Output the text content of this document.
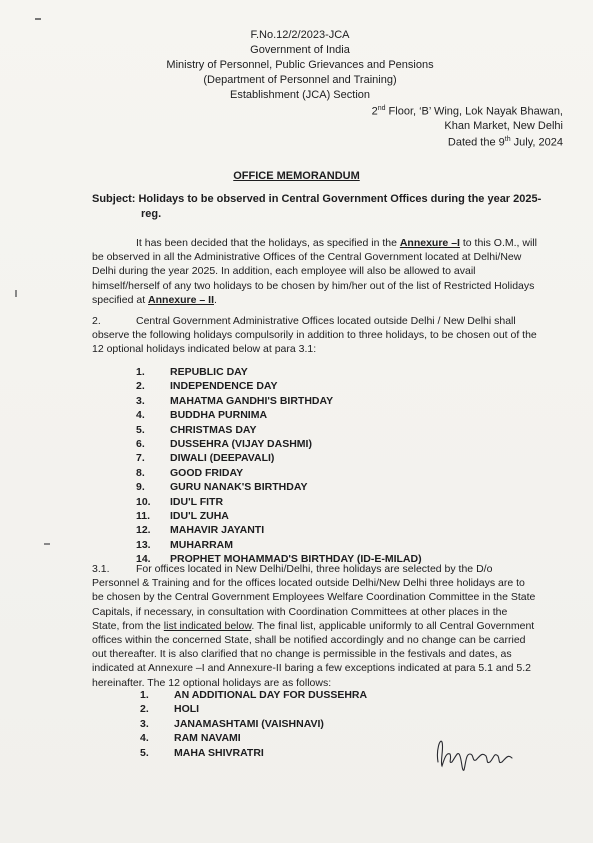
F.No.12/2/2023-JCA
Government of India
Ministry of Personnel, Public Grievances and Pensions
(Department of Personnel and Training)
Establishment (JCA) Section
2nd Floor, ‘B’ Wing, Lok Nayak Bhawan,
Khan Market, New Delhi
Dated the 9th July, 2024
OFFICE MEMORANDUM
Subject: Holidays to be observed in Central Government Offices during the year 2025-
reg.
It has been decided that the holidays, as specified in the Annexure –I to this O.M., will
be observed in all the Administrative Offices of the Central Government located at Delhi/New
Delhi during the year 2025. In addition, each employee will also be allowed to avail
himself/herself of any two holidays to be chosen by him/her out of the list of Restricted Holidays
specified at Annexure – II.
2.	Central Government Administrative Offices located outside Delhi / New Delhi shall
observe the following holidays compulsorily in addition to three holidays, to be chosen out of the
12 optional holidays indicated below at para 3.1:
1. REPUBLIC DAY
2. INDEPENDENCE DAY
3. MAHATMA GANDHI'S BIRTHDAY
4. BUDDHA PURNIMA
5. CHRISTMAS DAY
6. DUSSEHRA (VIJAY DASHMI)
7. DIWALI (DEEPAVALI)
8. GOOD FRIDAY
9. GURU NANAK'S BIRTHDAY
10. IDU'L FITR
11. IDU'L ZUHA
12. MAHAVIR JAYANTI
13. MUHARRAM
14. PROPHET MOHAMMAD'S BIRTHDAY (ID-E-MILAD)
3.1.	For offices located in New Delhi/Delhi, three holidays are selected by the D/o
Personnel & Training and for the offices located outside Delhi/New Delhi three holidays are to
be chosen by the Central Government Employees Welfare Coordination Committee in the State
Capitals, if necessary, in consultation with Coordination Committees at other places in the
State, from the list indicated below. The final list, applicable uniformly to all Central Government
offices within the concerned State, shall be notified accordingly and no change can be carried
out thereafter. It is also clarified that no change is permissible in the festivals and dates, as
indicated at Annexure –I and Annexure-II baring a few exceptions indicated at para 5.1 and 5.2
hereinafter. The 12 optional holidays are as follows:
1. AN ADDITIONAL DAY FOR DUSSEHRA
2. HOLI
3. JANAMASHTAMI (VAISHNAVI)
4. RAM NAVAMI
5. MAHA SHIVRATRI
